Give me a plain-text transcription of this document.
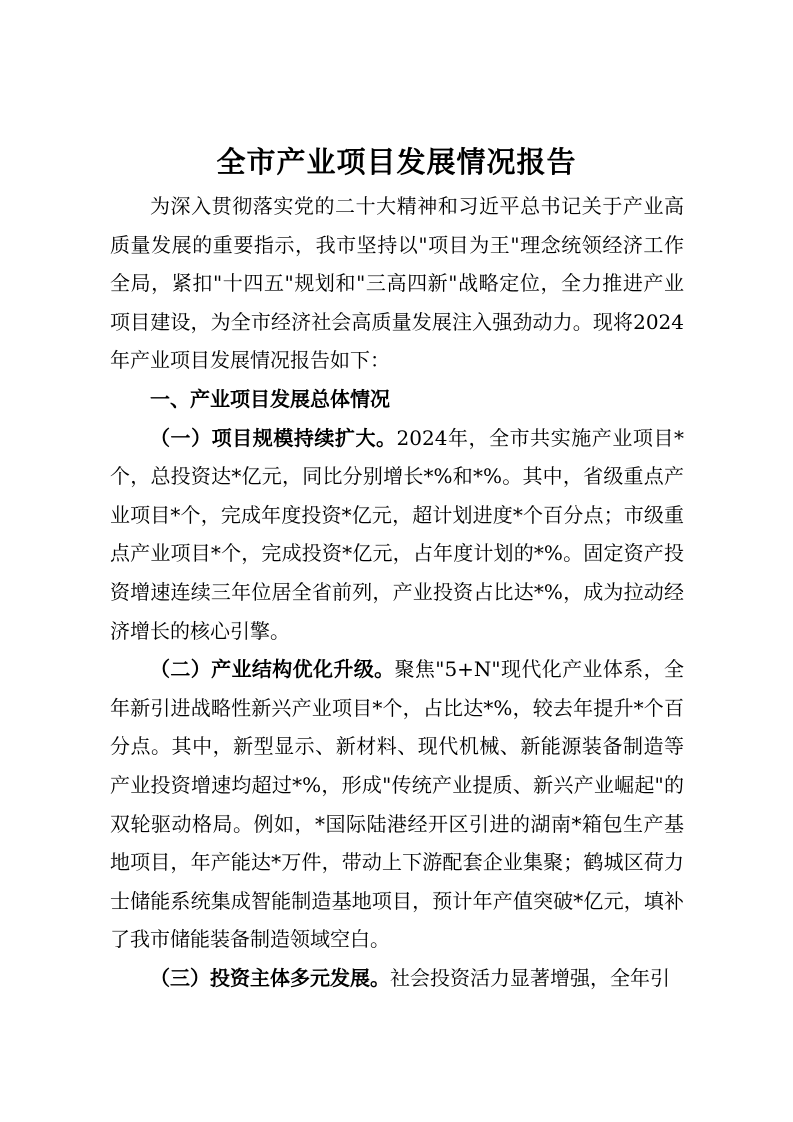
全市产业项目发展情况报告

为深入贯彻落实党的二十大精神和习近平总书记关于产业高质量发展的重要指示，我市坚持以"项目为王"理念统领经济工作全局，紧扣"十四五"规划和"三高四新"战略定位，全力推进产业项目建设，为全市经济社会高质量发展注入强劲动力。现将2024年产业项目发展情况报告如下：

一、产业项目发展总体情况

（一）项目规模持续扩大。2024年，全市共实施产业项目*个，总投资达*亿元，同比分别增长*%和*%。其中，省级重点产业项目*个，完成年度投资*亿元，超计划进度*个百分点；市级重点产业项目*个，完成投资*亿元，占年度计划的*%。固定资产投资增速连续三年位居全省前列，产业投资占比达*%，成为拉动经济增长的核心引擎。

（二）产业结构优化升级。聚焦"5+N"现代化产业体系，全年新引进战略性新兴产业项目*个，占比达*%，较去年提升*个百分点。其中，新型显示、新材料、现代机械、新能源装备制造等产业投资增速均超过*%，形成"传统产业提质、新兴产业崛起"的双轮驱动格局。例如，*国际陆港经开区引进的湖南*箱包生产基地项目，年产能达*万件，带动上下游配套企业集聚；鹤城区荷力士储能系统集成智能制造基地项目，预计年产值突破*亿元，填补了我市储能装备制造领域空白。

（三）投资主体多元发展。社会投资活力显著增强，全年引
